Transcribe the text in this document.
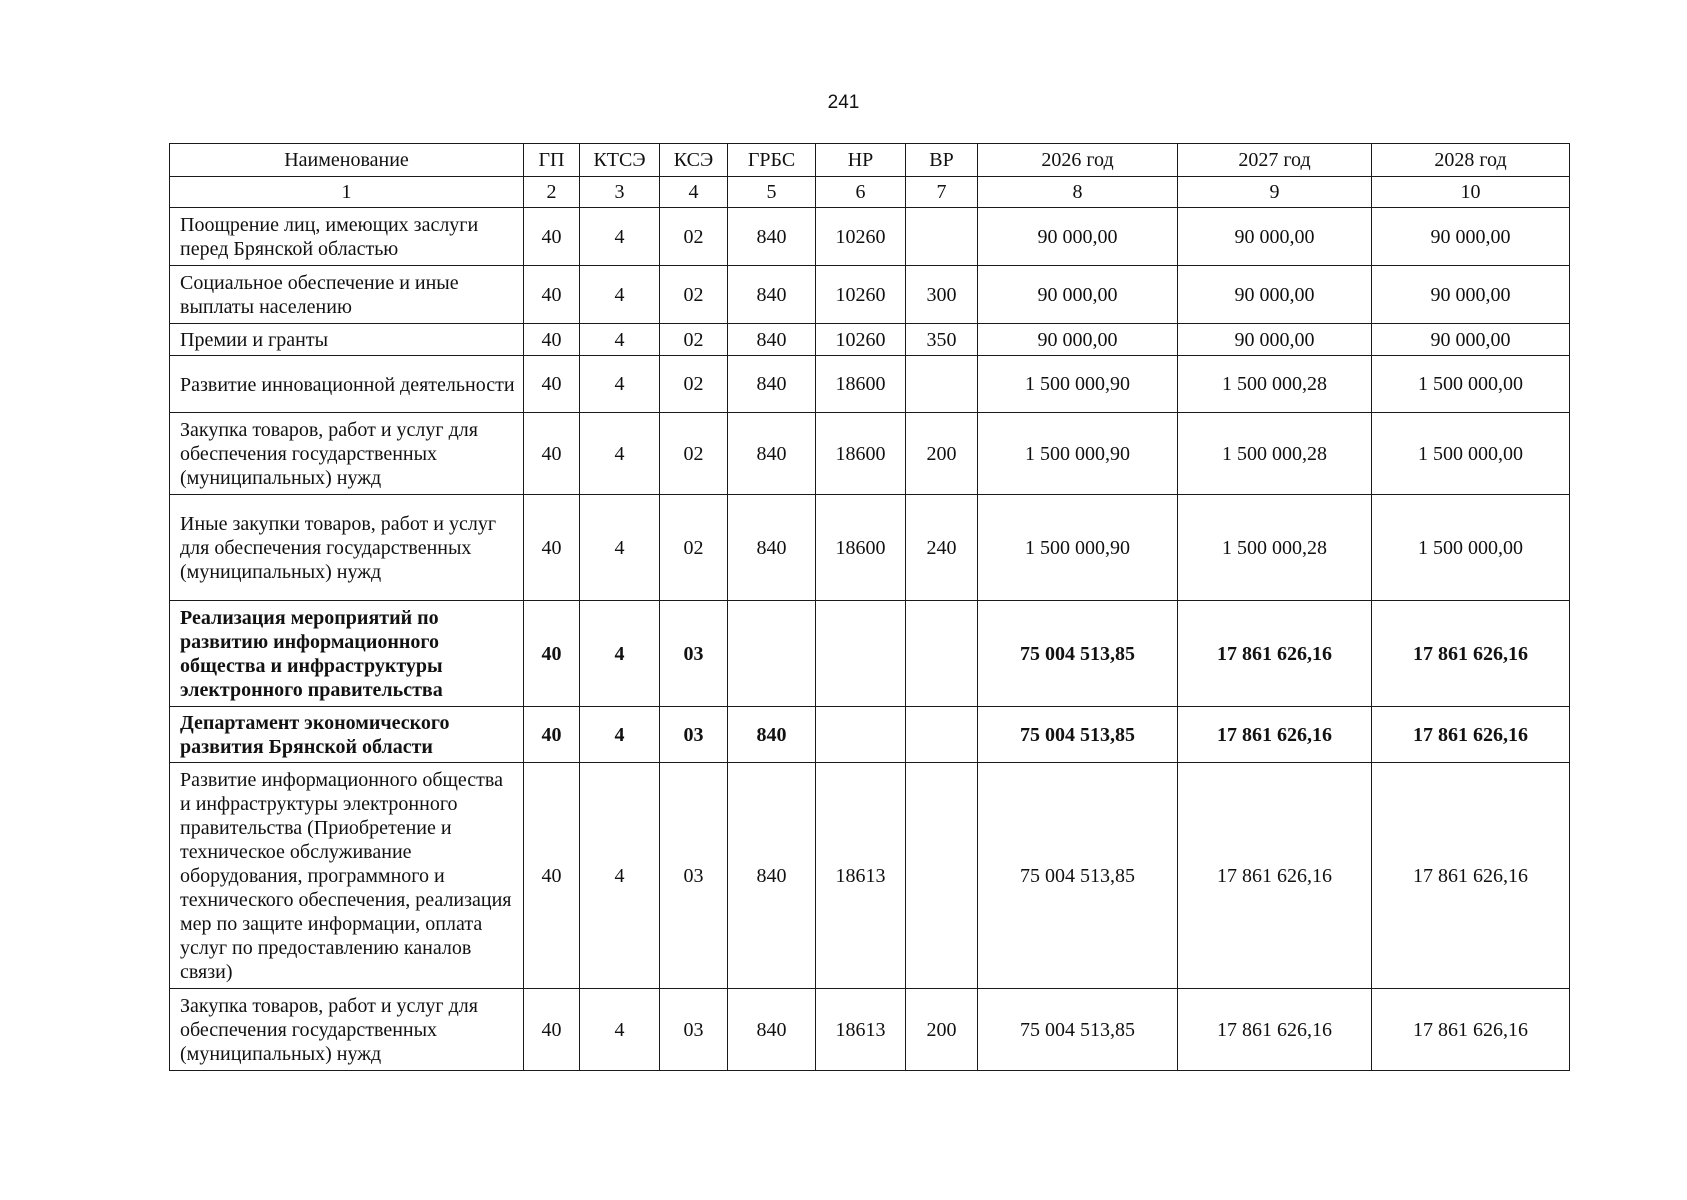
241
Наименование	ГП	КТСЭ	КСЭ	ГРБС	НР	ВР	2026 год	2027 год	2028 год
1	2	3	4	5	6	7	8	9	10
Поощрение лиц, имеющих заслуги перед Брянской областью	40	4	02	840	10260		90 000,00	90 000,00	90 000,00
Социальное обеспечение и иные выплаты населению	40	4	02	840	10260	300	90 000,00	90 000,00	90 000,00
Премии и гранты	40	4	02	840	10260	350	90 000,00	90 000,00	90 000,00
Развитие инновационной деятельности	40	4	02	840	18600		1 500 000,90	1 500 000,28	1 500 000,00
Закупка товаров, работ и услуг для обеспечения государственных (муниципальных) нужд	40	4	02	840	18600	200	1 500 000,90	1 500 000,28	1 500 000,00
Иные закупки товаров, работ и услуг для обеспечения государственных (муниципальных) нужд	40	4	02	840	18600	240	1 500 000,90	1 500 000,28	1 500 000,00
Реализация мероприятий по развитию информационного общества и инфраструктуры электронного правительства	40	4	03				75 004 513,85	17 861 626,16	17 861 626,16
Департамент экономического развития Брянской области	40	4	03	840			75 004 513,85	17 861 626,16	17 861 626,16
Развитие информационного общества и инфраструктуры электронного правительства (Приобретение и техническое обслуживание оборудования, программного и технического обеспечения, реализация мер по защите информации, оплата услуг по предоставлению каналов связи)	40	4	03	840	18613		75 004 513,85	17 861 626,16	17 861 626,16
Закупка товаров, работ и услуг для обеспечения государственных (муниципальных) нужд	40	4	03	840	18613	200	75 004 513,85	17 861 626,16	17 861 626,16
